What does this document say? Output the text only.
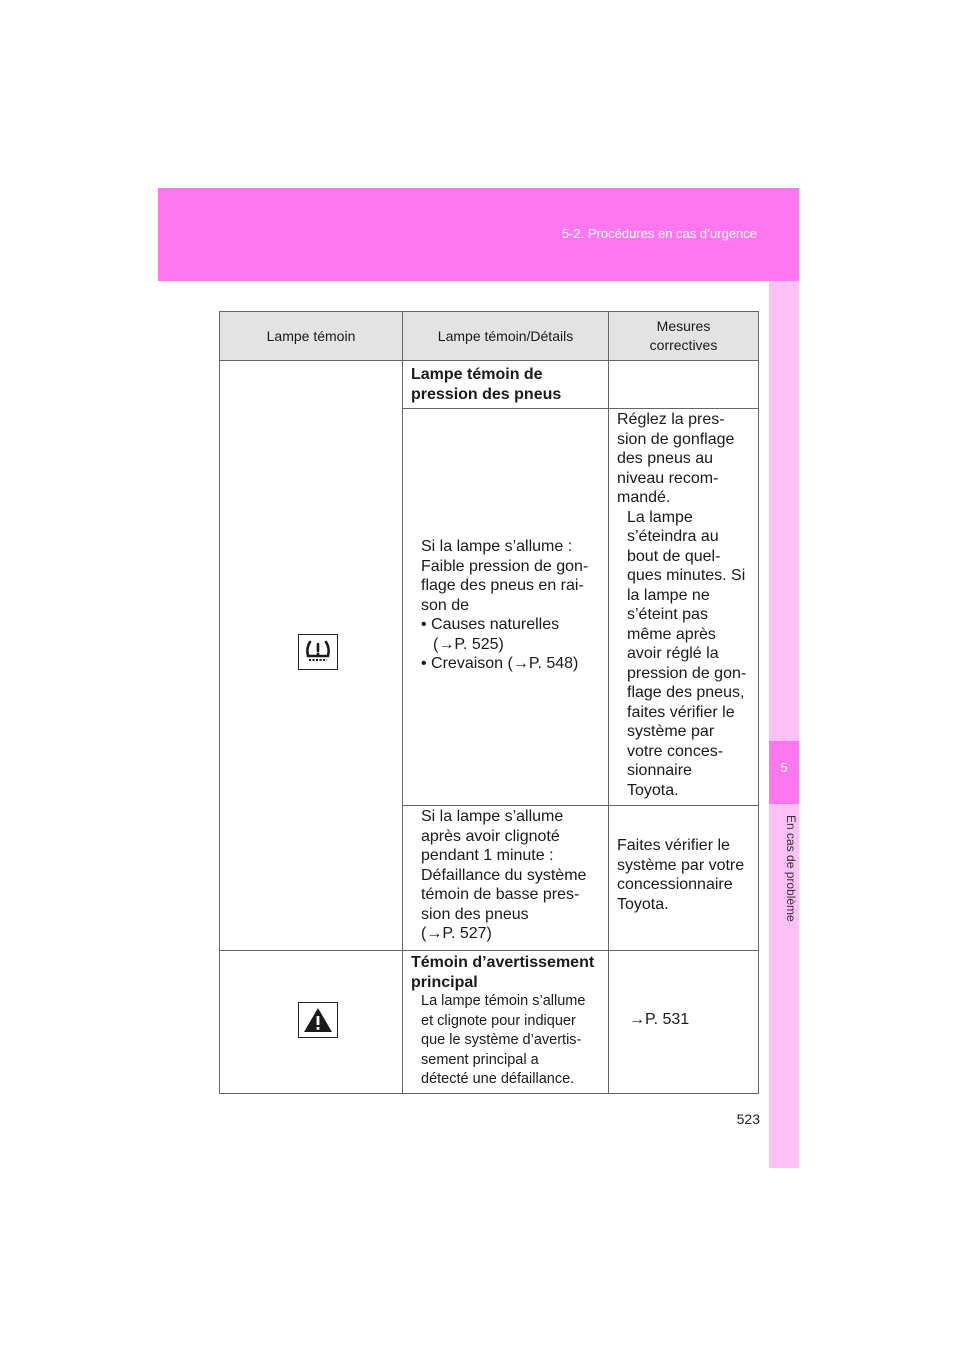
5-2. Procédures en cas d’urgence
5
En cas de problème
Lampe témoin	Lampe témoin/Détails
Mesures correctives
Lampe témoin de pression des pneus
Si la lampe s’allume :
Faible pression de gon-
flage des pneus en rai-
son de
• Causes naturelles
(→P. 525)
• Crevaison (→P. 548)
Réglez la pres-
sion de gonflage
des pneus au
niveau recom-
mandé.
La lampe
s’éteindra au
bout de quel-
ques minutes. Si
la lampe ne
s’éteint pas
même après
avoir réglé la
pression de gon-
flage des pneus,
faites vérifier le
système par
votre conces-
sionnaire
Toyota.
Si la lampe s’allume
après avoir clignoté
pendant 1 minute :
Défaillance du système
témoin de basse pres-
sion des pneus
(→P. 527)
Faites vérifier le
système par votre
concessionnaire
Toyota.
Témoin d’avertissement
principal
La lampe témoin s’allume
et clignote pour indiquer
que le système d’avertis-
sement principal a
détecté une défaillance.
→P. 531
523
